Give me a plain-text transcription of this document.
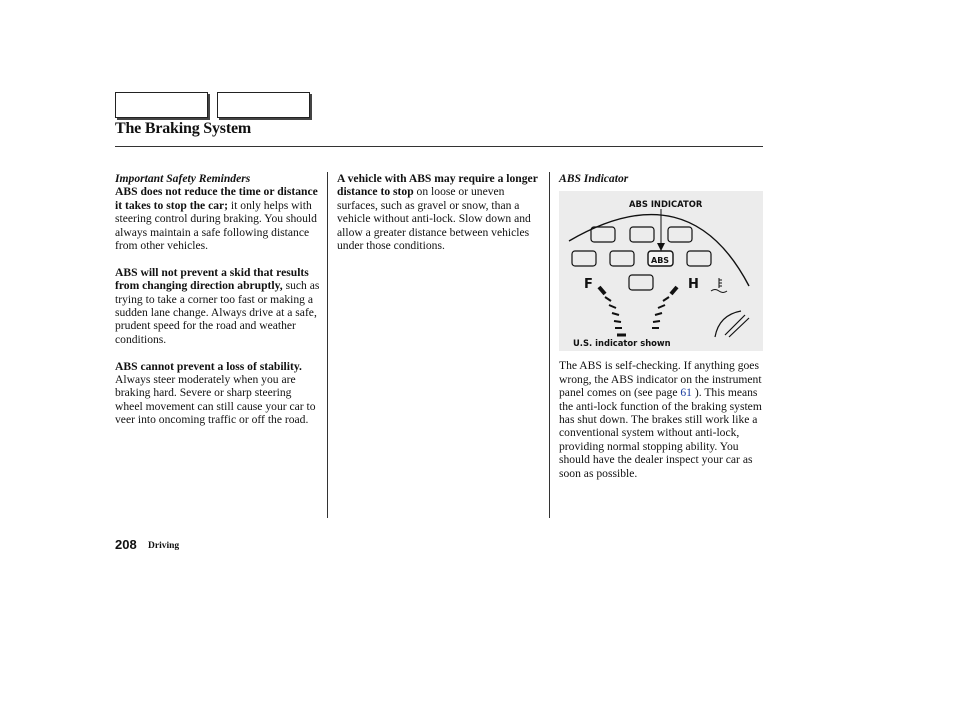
The Braking System
Important Safety Reminders

ABS does not reduce the time or distance it takes to stop the car; it only helps with steering control during braking. You should always maintain a safe following distance from other vehicles.

ABS will not prevent a skid that results from changing direction abruptly, such as trying to take a corner too fast or making a sudden lane change. Always drive at a safe, prudent speed for the road and weather conditions.

ABS cannot prevent a loss of stability. Always steer moderately when you are braking hard. Severe or sharp steering wheel movement can still cause your car to veer into oncoming traffic or off the road.

A vehicle with ABS may require a longer distance to stop on loose or uneven surfaces, such as gravel or snow, than a vehicle without anti-lock. Slow down and allow a greater distance between vehicles under those conditions.

ABS Indicator
ABS INDICATOR
ABS
F	H
U.S. indicator shown

The ABS is self-checking. If anything goes wrong, the ABS indicator on the instrument panel comes on (see page 61 ). This means the anti-lock function of the braking system has shut down. The brakes still work like a conventional system without anti-lock, providing normal stopping ability. You should have the dealer inspect your car as soon as possible.

208 Driving
